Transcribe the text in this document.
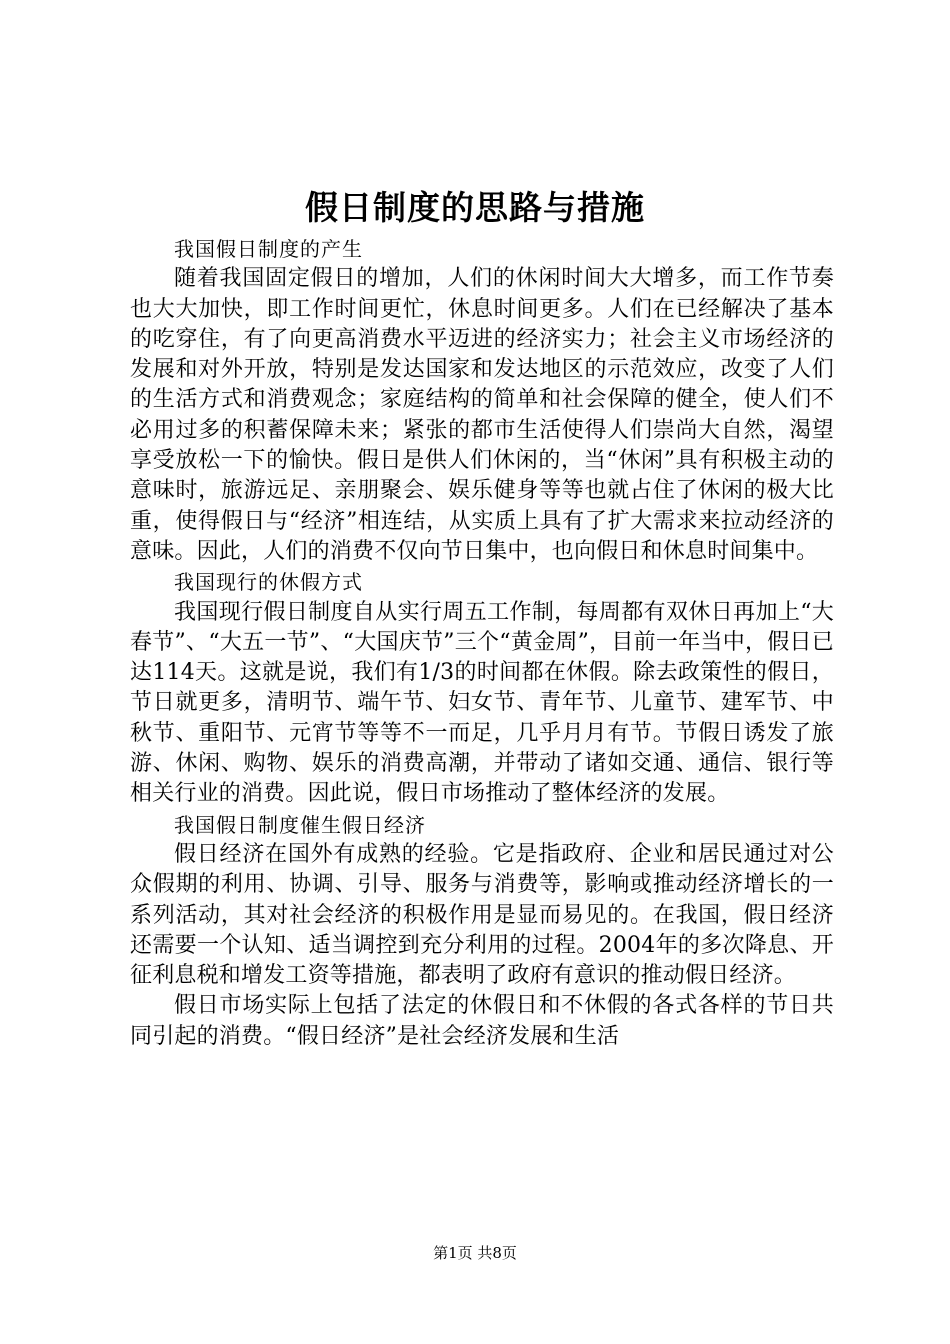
假日制度的思路与措施

我国假日制度的产生

随着我国固定假日的增加，人们的休闲时间大大增多，而工作节奏也大大加快，即工作时间更忙，休息时间更多。人们在已经解决了基本的吃穿住，有了向更高消费水平迈进的经济实力；社会主义市场经济的发展和对外开放，特别是发达国家和发达地区的示范效应，改变了人们的生活方式和消费观念；家庭结构的简单和社会保障的健全，使人们不必用过多的积蓄保障未来；紧张的都市生活使得人们崇尚大自然，渴望享受放松一下的愉快。假日是供人们休闲的，当“休闲”具有积极主动的意味时，旅游远足、亲朋聚会、娱乐健身等等也就占住了休闲的极大比重，使得假日与“经济”相连结，从实质上具有了扩大需求来拉动经济的意味。因此，人们的消费不仅向节日集中，也向假日和休息时间集中。

我国现行的休假方式

我国现行假日制度自从实行周五工作制，每周都有双休日再加上“大春节”、“大五一节”、“大国庆节”三个“黄金周”，目前一年当中，假日已达114天。这就是说，我们有1/3的时间都在休假。除去政策性的假日，节日就更多，清明节、端午节、妇女节、青年节、儿童节、建军节、中秋节、重阳节、元宵节等等不一而足，几乎月月有节。节假日诱发了旅游、休闲、购物、娱乐的消费高潮，并带动了诸如交通、通信、银行等相关行业的消费。因此说，假日市场推动了整体经济的发展。

我国假日制度催生假日经济

假日经济在国外有成熟的经验。它是指政府、企业和居民通过对公众假期的利用、协调、引导、服务与消费等，影响或推动经济增长的一系列活动，其对社会经济的积极作用是显而易见的。在我国，假日经济还需要一个认知、适当调控到充分利用的过程。2004年的多次降息、开征利息税和增发工资等措施，都表明了政府有意识的推动假日经济。

假日市场实际上包括了法定的休假日和不休假的各式各样的节日共同引起的消费。“假日经济”是社会经济发展和生活

第1页 共8页
